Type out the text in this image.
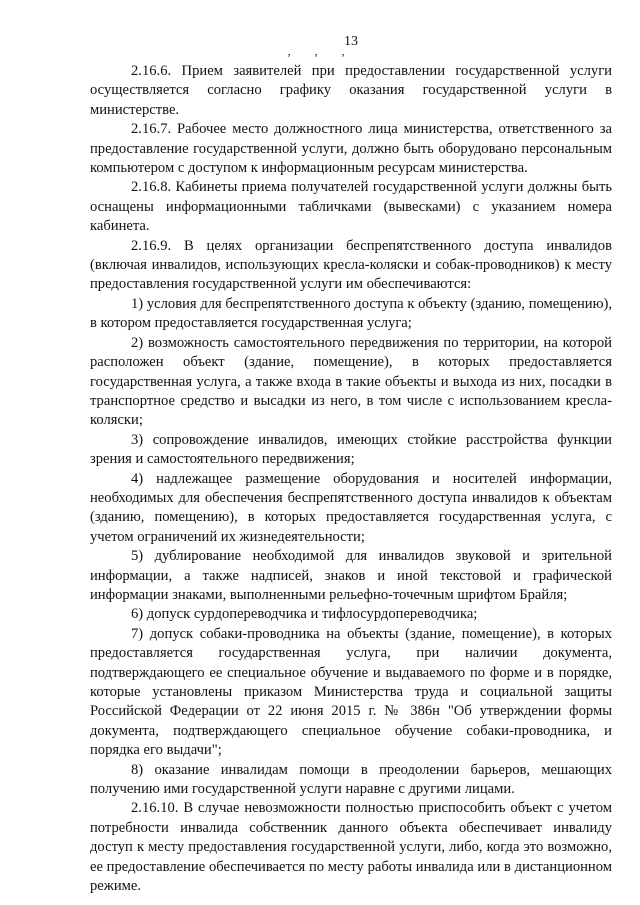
‚ ‚ ‚
13

2.16.6. Прием заявителей при предоставлении государственной услуги осуществляется согласно графику оказания государственной услуги в министерстве.

2.16.7. Рабочее место должностного лица министерства, ответственного за предоставление государственной услуги, должно быть оборудовано персональным компьютером с доступом к информационным ресурсам министерства.

2.16.8. Кабинеты приема получателей государственной услуги должны быть оснащены информационными табличками (вывесками) с указанием номера кабинета.

2.16.9. В целях организации беспрепятственного доступа инвалидов (включая инвалидов, использующих кресла-коляски и собак-проводников) к месту предоставления государственной услуги им обеспечиваются:

1) условия для беспрепятственного доступа к объекту (зданию, помещению), в котором предоставляется государственная услуга;

2) возможность самостоятельного передвижения по территории, на которой расположен объект (здание, помещение), в которых предоставляется государственная услуга, а также входа в такие объекты и выхода из них, посадки в транспортное средство и высадки из него, в том числе с использованием кресла-коляски;

3) сопровождение инвалидов, имеющих стойкие расстройства функции зрения и самостоятельного передвижения;

4) надлежащее размещение оборудования и носителей информации, необходимых для обеспечения беспрепятственного доступа инвалидов к объектам (зданию, помещению), в которых предоставляется государственная услуга, с учетом ограничений их жизнедеятельности;

5) дублирование необходимой для инвалидов звуковой и зрительной информации, а также надписей, знаков и иной текстовой и графической информации знаками, выполненными рельефно-точечным шрифтом Брайля;

6) допуск сурдопереводчика и тифлосурдопереводчика;

7) допуск собаки-проводника на объекты (здание, помещение), в которых предоставляется государственная услуга, при наличии документа, подтверждающего ее специальное обучение и выдаваемого по форме и в порядке, которые установлены приказом Министерства труда и социальной защиты Российской Федерации от 22 июня 2015 г. № 386н "Об утверждении формы документа, подтверждающего специальное обучение собаки-проводника, и порядка его выдачи";

8) оказание инвалидам помощи в преодолении барьеров, мешающих получению ими государственной услуги наравне с другими лицами.

2.16.10. В случае невозможности полностью приспособить объект с учетом потребности инвалида собственник данного объекта обеспечивает инвалиду доступ к месту предоставления государственной услуги, либо, когда это возможно, ее предоставление обеспечивается по месту работы инвалида или в дистанционном режиме.
